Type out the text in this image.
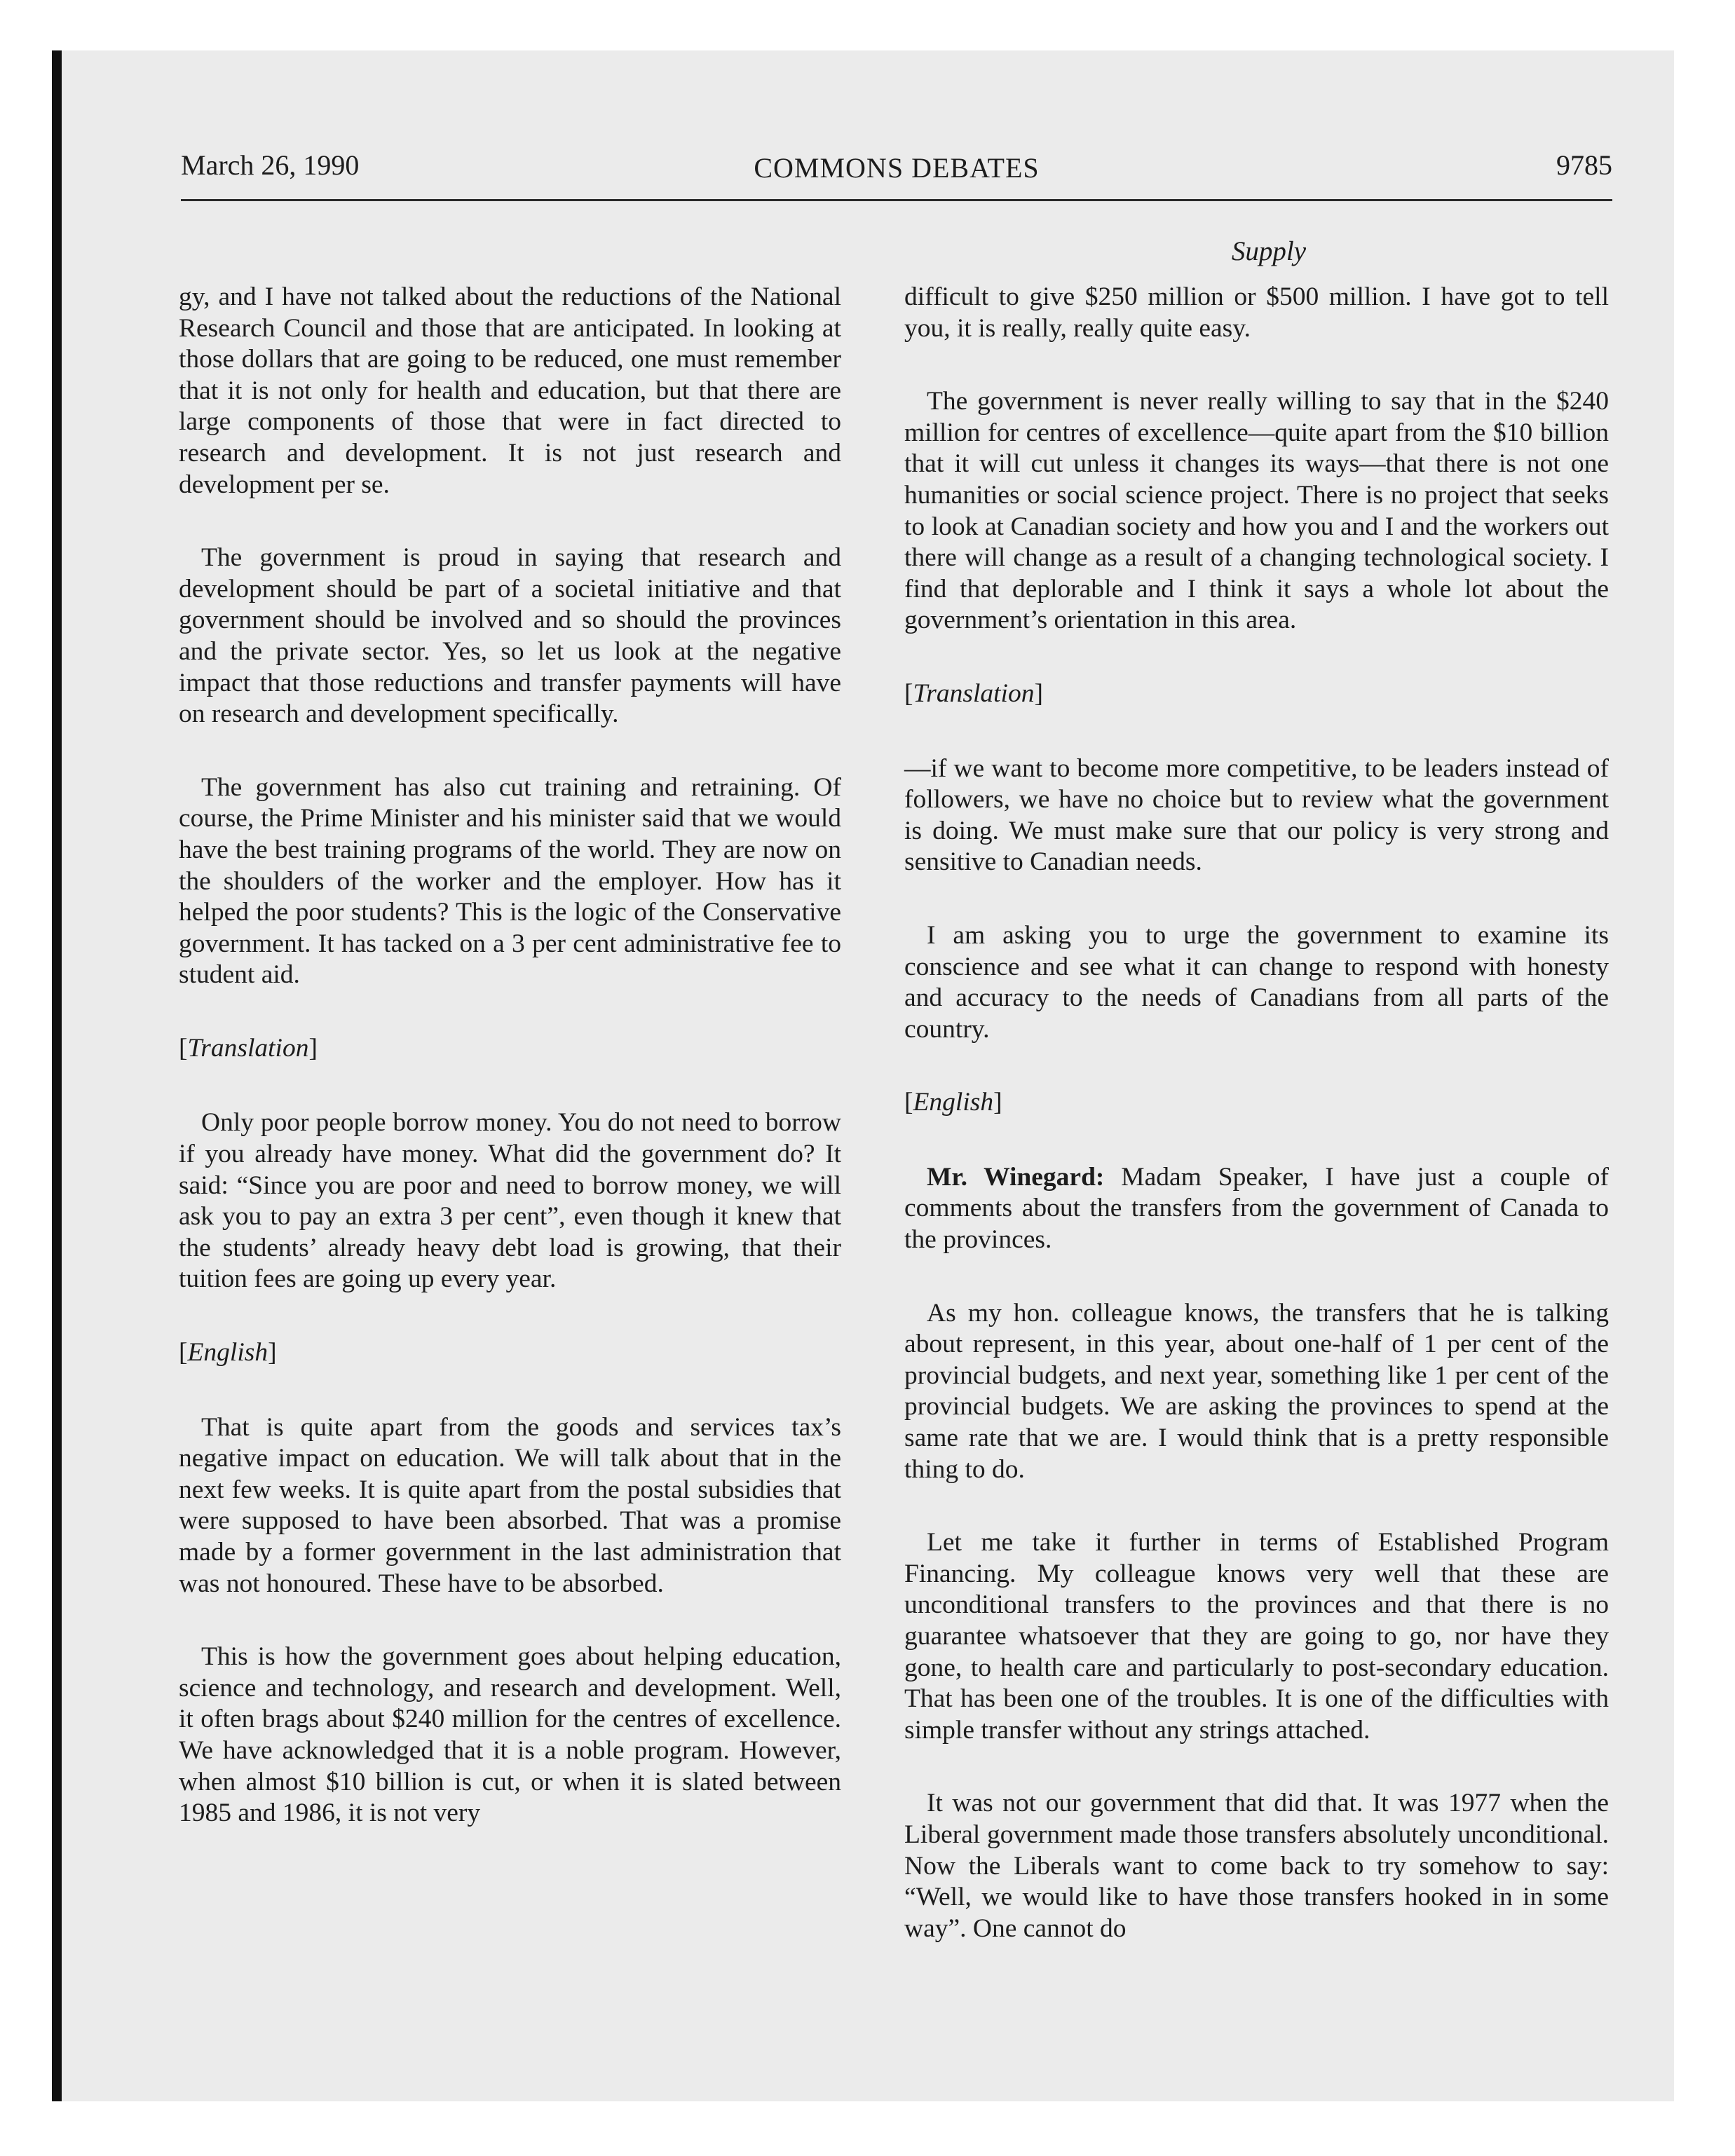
March 26, 1990	COMMONS DEBATES	9785
Supply

gy, and I have not talked about the reductions of the National Research Council and those that are anticipated. In looking at those dollars that are going to be reduced, one must remember that it is not only for health and education, but that there are large components of those that were in fact directed to research and development. It is not just research and development per se.

The government is proud in saying that research and development should be part of a societal initiative and that government should be involved and so should the provinces and the private sector. Yes, so let us look at the negative impact that those reductions and transfer payments will have on research and development specifically.

The government has also cut training and retraining. Of course, the Prime Minister and his minister said that we would have the best training programs of the world. They are now on the shoulders of the worker and the employer. How has it helped the poor students? This is the logic of the Conservative government. It has tacked on a 3 per cent administrative fee to student aid.

[Translation]

Only poor people borrow money. You do not need to borrow if you already have money. What did the government do? It said: “Since you are poor and need to borrow money, we will ask you to pay an extra 3 per cent”, even though it knew that the students’ already heavy debt load is growing, that their tuition fees are going up every year.

[English]

That is quite apart from the goods and services tax’s negative impact on education. We will talk about that in the next few weeks. It is quite apart from the postal subsidies that were supposed to have been absorbed. That was a promise made by a former government in the last administration that was not honoured. These have to be absorbed.

This is how the government goes about helping education, science and technology, and research and development. Well, it often brags about $240 million for the centres of excellence. We have acknowledged that it is a noble program. However, when almost $10 billion is cut, or when it is slated between 1985 and 1986, it is not very

difficult to give $250 million or $500 million. I have got to tell you, it is really, really quite easy.

The government is never really willing to say that in the $240 million for centres of excellence—quite apart from the $10 billion that it will cut unless it changes its ways—that there is not one humanities or social science project. There is no project that seeks to look at Canadian society and how you and I and the workers out there will change as a result of a changing technological society. I find that deplorable and I think it says a whole lot about the government’s orientation in this area.

[Translation]

—if we want to become more competitive, to be leaders instead of followers, we have no choice but to review what the government is doing. We must make sure that our policy is very strong and sensitive to Canadian needs.

I am asking you to urge the government to examine its conscience and see what it can change to respond with honesty and accuracy to the needs of Canadians from all parts of the country.

[English]

Mr. Winegard: Madam Speaker, I have just a couple of comments about the transfers from the government of Canada to the provinces.

As my hon. colleague knows, the transfers that he is talking about represent, in this year, about one-half of 1 per cent of the provincial budgets, and next year, something like 1 per cent of the provincial budgets. We are asking the provinces to spend at the same rate that we are. I would think that is a pretty responsible thing to do.

Let me take it further in terms of Established Program Financing. My colleague knows very well that these are unconditional transfers to the provinces and that there is no guarantee whatsoever that they are going to go, nor have they gone, to health care and particularly to post-secondary education. That has been one of the troubles. It is one of the difficulties with simple transfer without any strings attached.

It was not our government that did that. It was 1977 when the Liberal government made those transfers absolutely unconditional. Now the Liberals want to come back to try somehow to say: “Well, we would like to have those transfers hooked in in some way”. One cannot do
